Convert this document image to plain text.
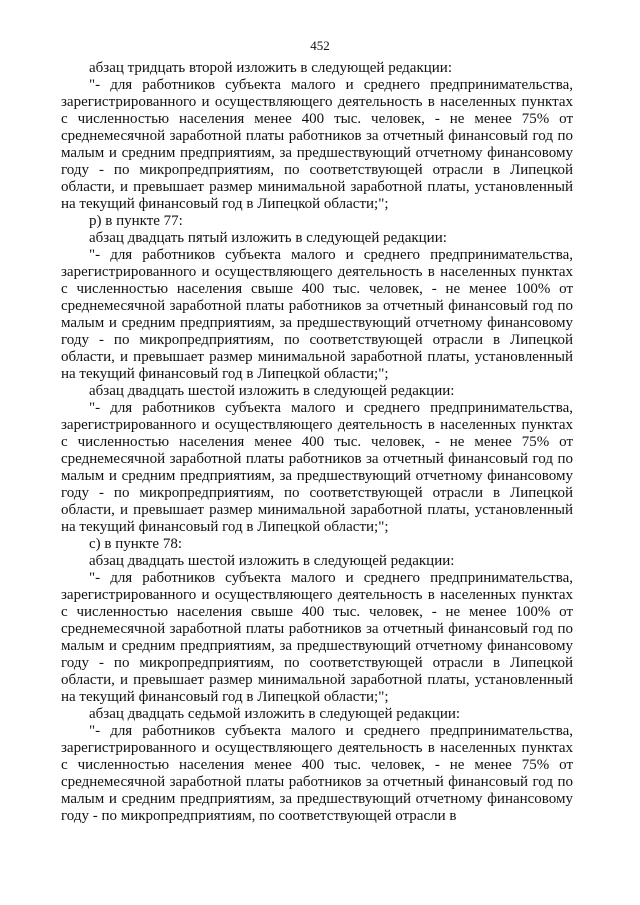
452

абзац тридцать второй изложить в следующей редакции:

"- для работников субъекта малого и среднего предпринимательства, зарегистрированного и осуществляющего деятельность в населенных пунктах с численностью населения менее 400 тыс. человек, - не менее 75% от среднемесячной заработной платы работников за отчетный финансовый год по малым и средним предприятиям, за предшествующий отчетному финансовому году - по микропредприятиям, по соответствующей отрасли в Липецкой области, и превышает размер минимальной заработной платы, установленный на текущий финансовый год в Липецкой области;";

р) в пункте 77:

абзац двадцать пятый изложить в следующей редакции:

"- для работников субъекта малого и среднего предпринимательства, зарегистрированного и осуществляющего деятельность в населенных пунктах с численностью населения свыше 400 тыс. человек, - не менее 100% от среднемесячной заработной платы работников за отчетный финансовый год по малым и средним предприятиям, за предшествующий отчетному финансовому году - по микропредприятиям, по соответствующей отрасли в Липецкой области, и превышает размер минимальной заработной платы, установленный на текущий финансовый год в Липецкой области;";

абзац двадцать шестой изложить в следующей редакции:

"- для работников субъекта малого и среднего предпринимательства, зарегистрированного и осуществляющего деятельность в населенных пунктах с численностью населения менее 400 тыс. человек, - не менее 75% от среднемесячной заработной платы работников за отчетный финансовый год по малым и средним предприятиям, за предшествующий отчетному финансовому году - по микропредприятиям, по соответствующей отрасли в Липецкой области, и превышает размер минимальной заработной платы, установленный на текущий финансовый год в Липецкой области;";

с) в пункте 78:

абзац двадцать шестой изложить в следующей редакции:

"- для работников субъекта малого и среднего предпринимательства, зарегистрированного и осуществляющего деятельность в населенных пунктах с численностью населения свыше 400 тыс. человек, - не менее 100% от среднемесячной заработной платы работников за отчетный финансовый год по малым и средним предприятиям, за предшествующий отчетному финансовому году - по микропредприятиям, по соответствующей отрасли в Липецкой области, и превышает размер минимальной заработной платы, установленный на текущий финансовый год в Липецкой области;";

абзац двадцать седьмой изложить в следующей редакции:

"- для работников субъекта малого и среднего предпринимательства, зарегистрированного и осуществляющего деятельность в населенных пунктах с численностью населения менее 400 тыс. человек, - не менее 75% от среднемесячной заработной платы работников за отчетный финансовый год по малым и средним предприятиям, за предшествующий отчетному финансовому году - по микропредприятиям, по соответствующей отрасли в
